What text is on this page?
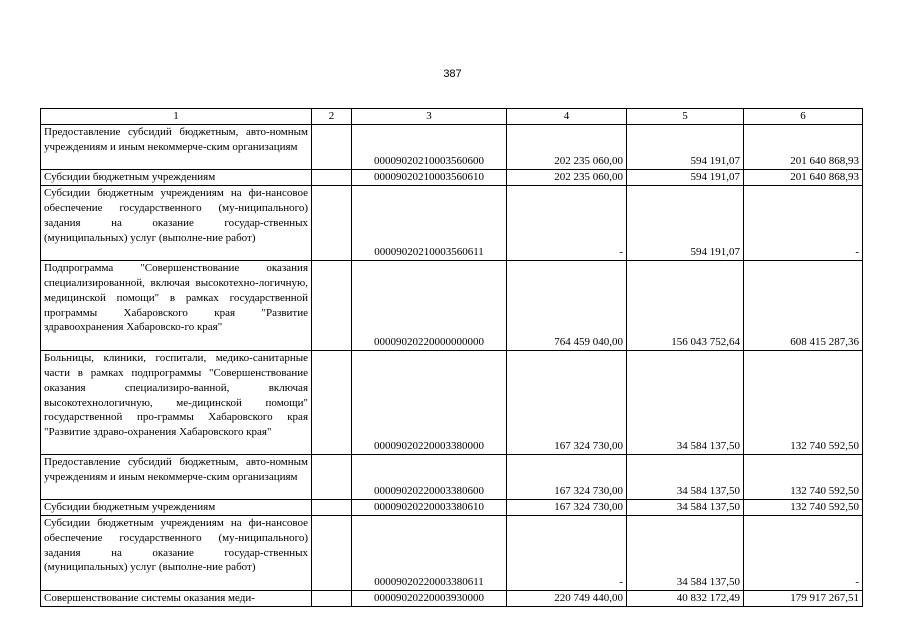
387
1	2	3	4	5	6
Предоставление субсидий бюджетным, авто-номным учреждениям и иным некоммерче-ским организациям		00009020210003560600	202 235 060,00	594 191,07	201 640 868,93
Субсидии бюджетным учреждениям		00009020210003560610	202 235 060,00	594 191,07	201 640 868,93
Субсидии бюджетным учреждениям на фи-нансовое обеспечение государственного (му-ниципального) задания на оказание государ-ственных (муниципальных) услуг (выполне-ние работ)		00009020210003560611	-	594 191,07	-
Подпрограмма "Совершенствование оказания специализированной, включая высокотехно-логичную, медицинской помощи" в рамках государственной программы Хабаровского края "Развитие здравоохранения Хабаровско-го края"		00009020220000000000	764 459 040,00	156 043 752,64	608 415 287,36
Больницы, клиники, госпитали, медико-санитарные части в рамках подпрограммы "Совершенствование оказания специализиро-ванной, включая высокотехнологичную, ме-дицинской помощи" государственной про-граммы Хабаровского края "Развитие здраво-охранения Хабаровского края"		00009020220003380000	167 324 730,00	34 584 137,50	132 740 592,50
Предоставление субсидий бюджетным, авто-номным учреждениям и иным некоммерче-ским организациям		00009020220003380600	167 324 730,00	34 584 137,50	132 740 592,50
Субсидии бюджетным учреждениям		00009020220003380610	167 324 730,00	34 584 137,50	132 740 592,50
Субсидии бюджетным учреждениям на фи-нансовое обеспечение государственного (му-ниципального) задания на оказание государ-ственных (муниципальных) услуг (выполне-ние работ)		00009020220003380611	-	34 584 137,50	-
Совершенствование системы оказания меди-		00009020220003930000	220 749 440,00	40 832 172,49	179 917 267,51
